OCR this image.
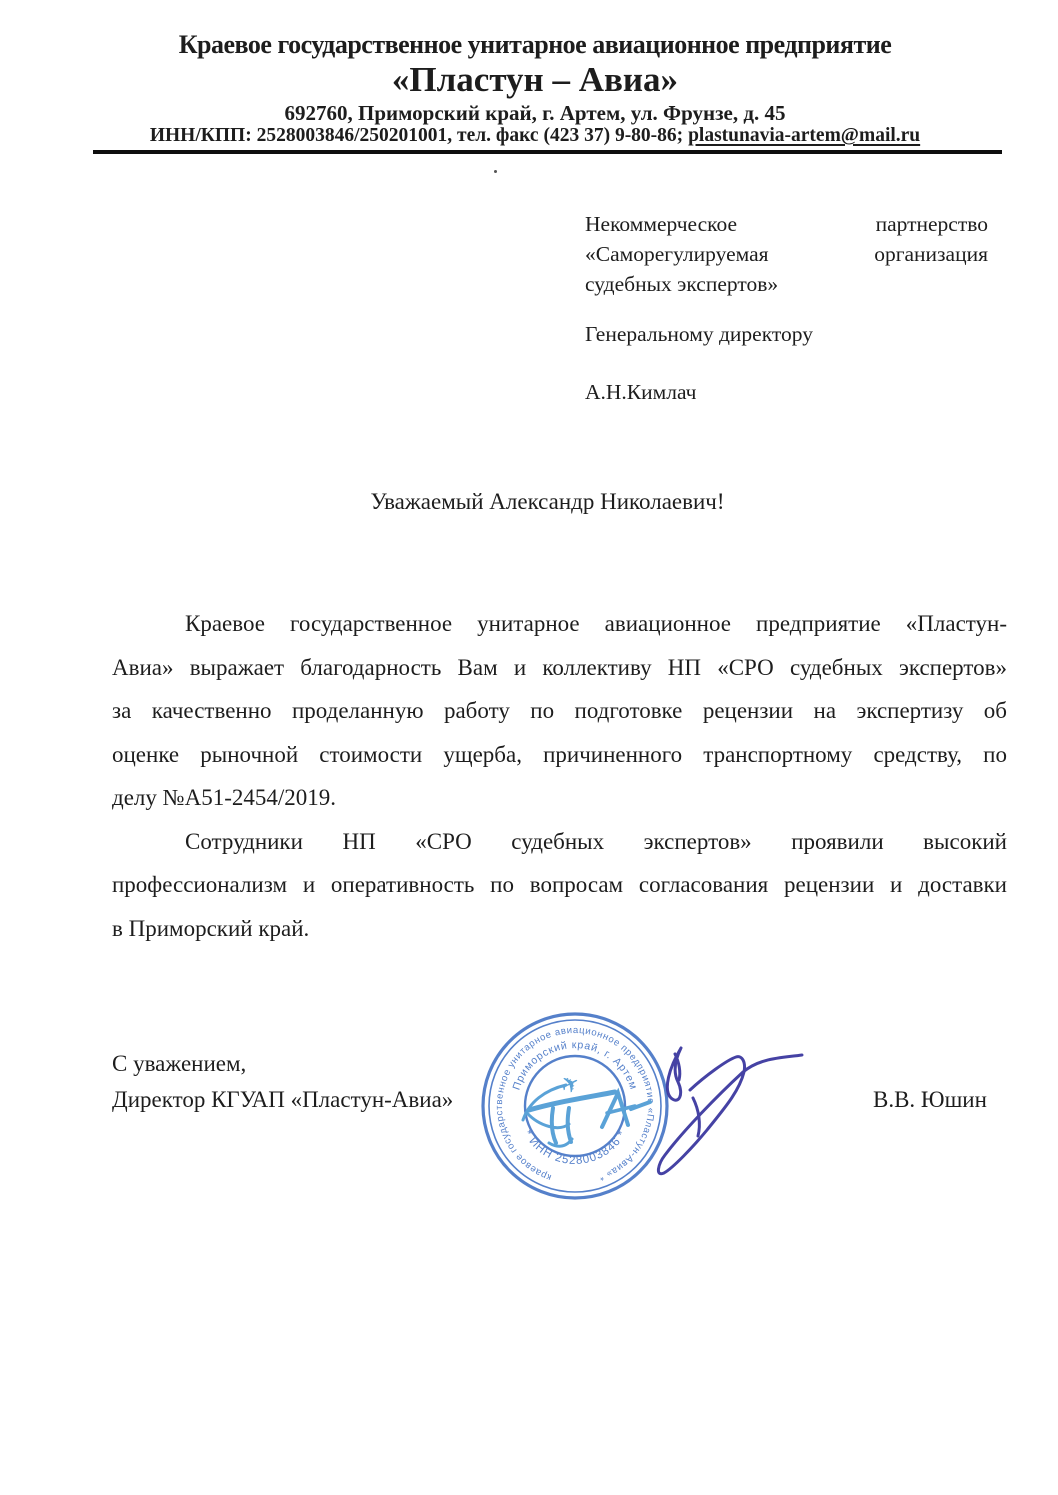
Краевое государственное унитарное авиационное предприятие
«Пластун – Авиа»
692760, Приморский край, г. Артем, ул. Фрунзе, д. 45
ИНН/КПП: 2528003846/250201001, тел. факс (423 37) 9-80-86; plastunavia-artem@mail.ru
Некоммерческое	партнерство
«Саморегулируемая	организация
судебных экспертов»
Генеральному директору
А.Н.Кимлач
Уважаемый Александр Николаевич!
Краевое государственное унитарное авиационное предприятие «Пластун-
Авиа» выражает благодарность Вам и коллективу НП «СРО судебных экспертов»
за качественно проделанную работу по подготовке рецензии на экспертизу об
оценке рыночной стоимости ущерба, причиненного транспортному средству, по
делу №А51-2454/2019.
Сотрудники НП «СРО судебных экспертов» проявили высокий
профессионализм и оперативность по вопросам согласования рецензии и доставки
в Приморский край.
С уважением,
Директор КГУАП «Пластун-Авиа»	В.В. Юшин
краевое государственное унитарное авиационное предприятие «Пластун-Авиа» *
Приморский край, г. Артем
* ИНН 2528003846 *
✈
